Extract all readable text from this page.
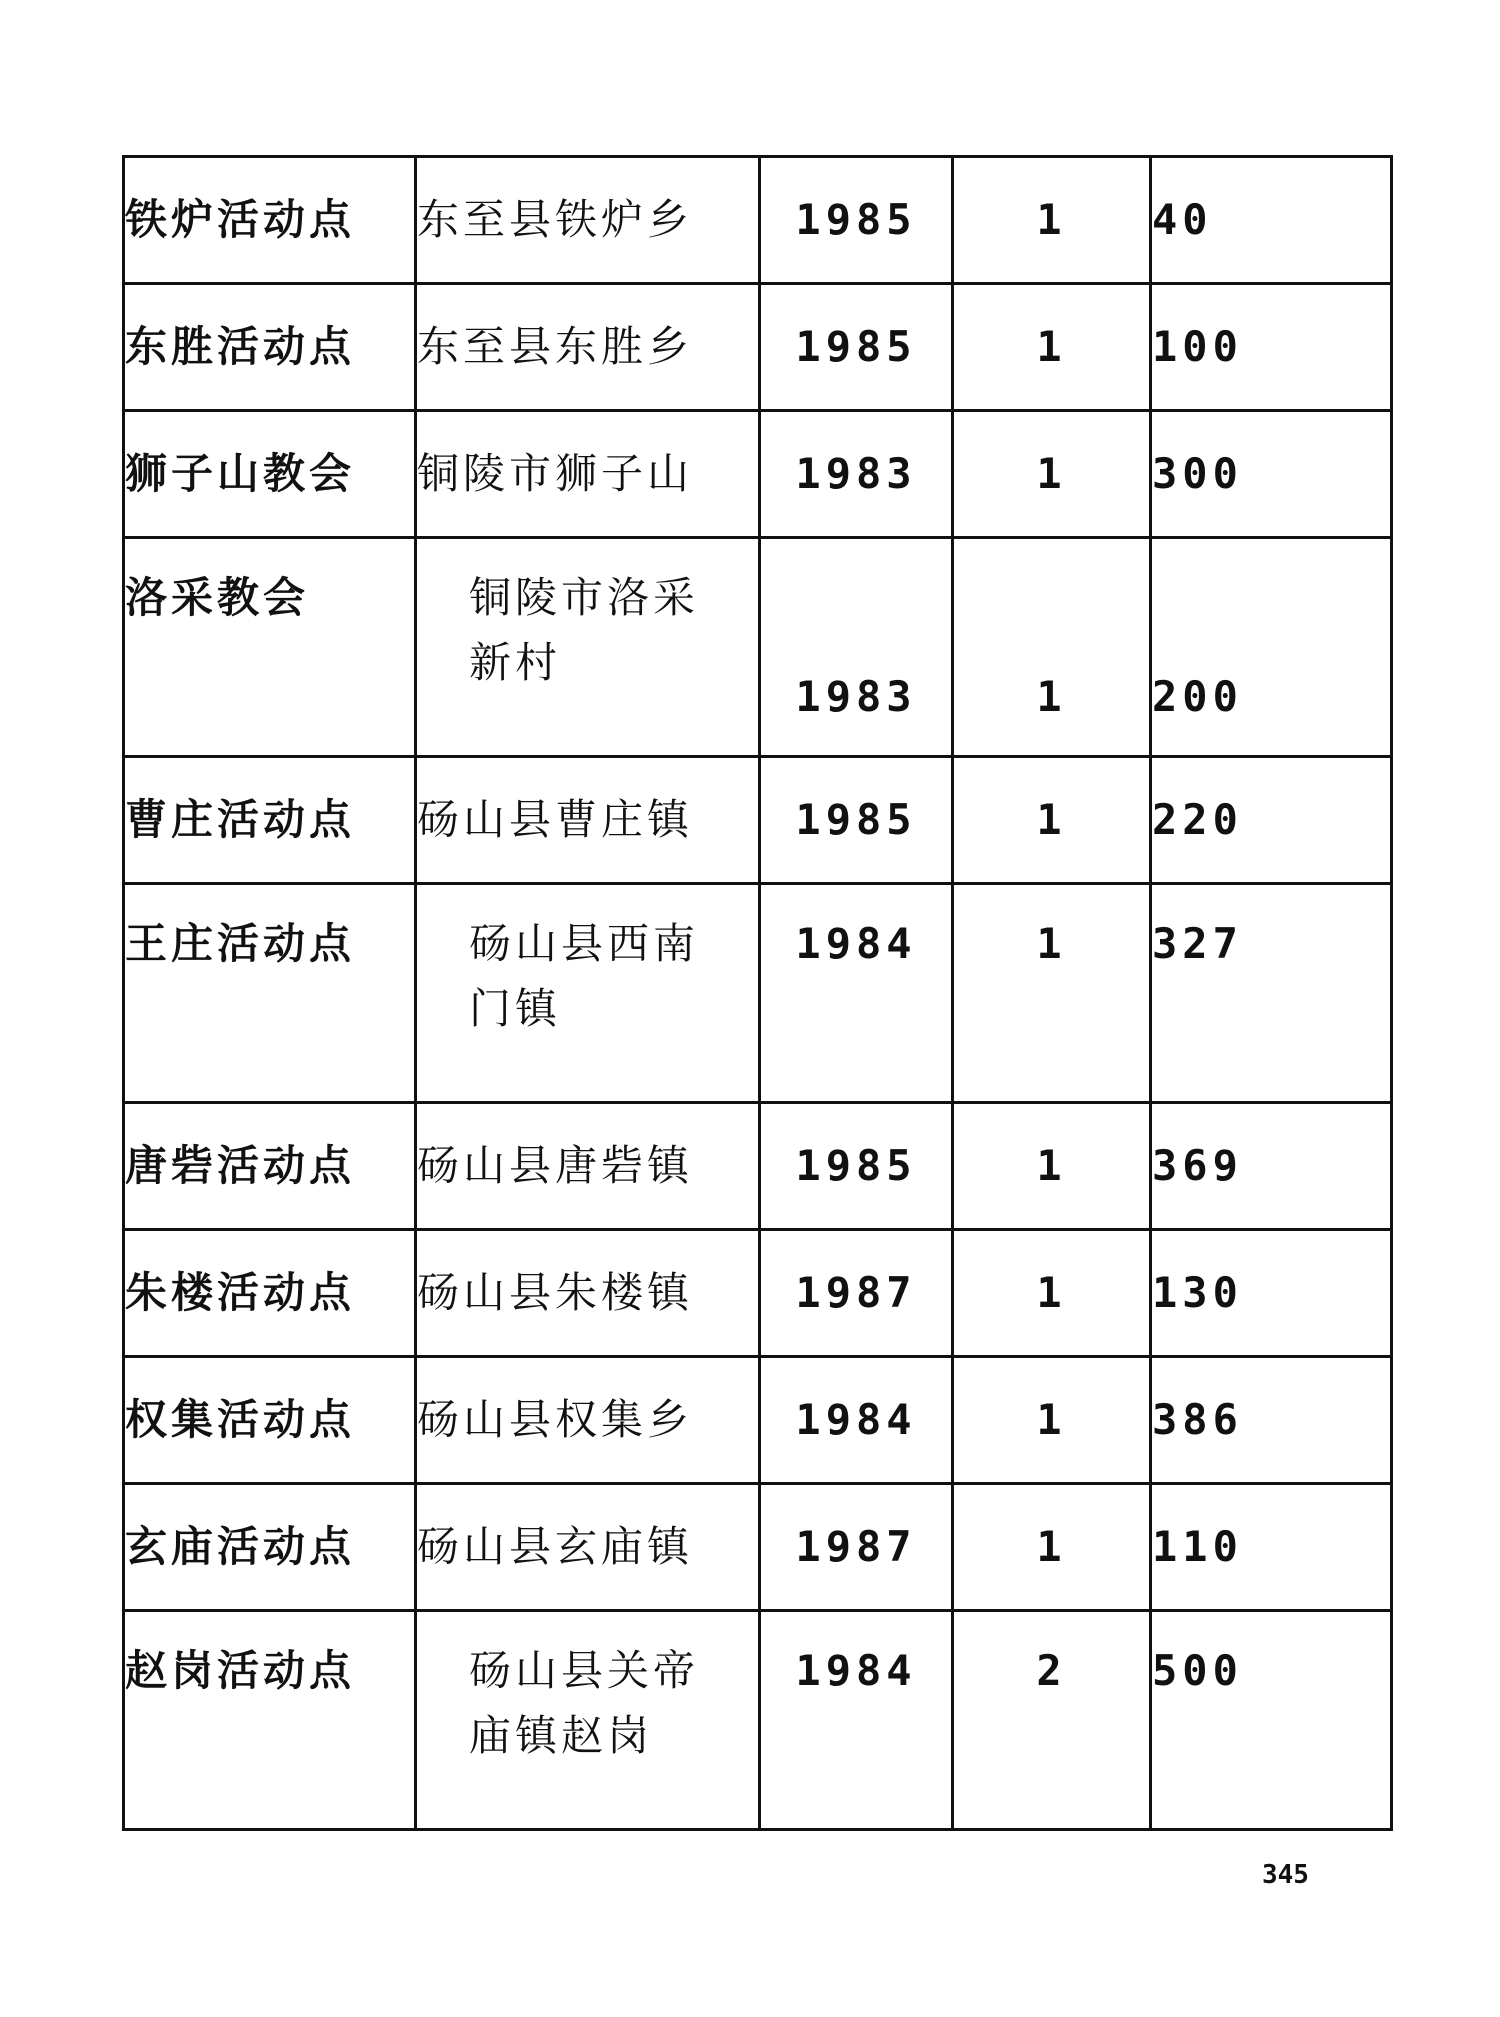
铁炉活动点	东至县铁炉乡	1985	1	40
东胜活动点	东至县东胜乡	1985	1	100
狮子山教会	铜陵市狮子山	1983	1	300
洛采教会	铜陵市洛采新村	1983	1	200
曹庄活动点	砀山县曹庄镇	1985	1	220
王庄活动点	砀山县西南门镇	1984	1	327
唐砦活动点	砀山县唐砦镇	1985	1	369
朱楼活动点	砀山县朱楼镇	1987	1	130
权集活动点	砀山县权集乡	1984	1	386
玄庙活动点	砀山县玄庙镇	1987	1	110
赵岗活动点	砀山县关帝庙镇赵岗	1984	2	500
345
